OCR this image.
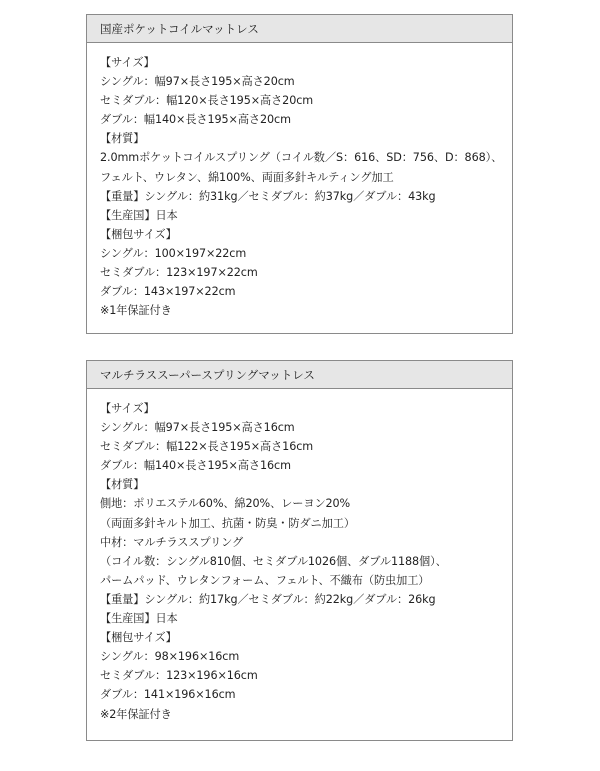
国産ポケットコイルマットレス
【サイズ】
シングル：幅97×長さ195×高さ20cm
セミダブル：幅120×長さ195×高さ20cm
ダブル：幅140×長さ195×高さ20cm
【材質】
2.0mmポケットコイルスプリング（コイル数／S：616、SD：756、D：868）、
フェルト、ウレタン、綿100%、両面多針キルティング加工
【重量】シングル：約31kg／セミダブル：約37kg／ダブル：43kg
【生産国】日本
【梱包サイズ】
シングル：100×197×22cm
セミダブル：123×197×22cm
ダブル：143×197×22cm
※1年保証付き
マルチラススーパースプリングマットレス
【サイズ】
シングル：幅97×長さ195×高さ16cm
セミダブル：幅122×長さ195×高さ16cm
ダブル：幅140×長さ195×高さ16cm
【材質】
側地：ポリエステル60%、綿20%、レーヨン20%
（両面多針キルト加工、抗菌・防臭・防ダニ加工）
中材：マルチラススプリング
（コイル数：シングル810個、セミダブル1026個、ダブル1188個）、
パームパッド、ウレタンフォーム、フェルト、不織布（防虫加工）
【重量】シングル：約17kg／セミダブル：約22kg／ダブル：26kg
【生産国】日本
【梱包サイズ】
シングル：98×196×16cm
セミダブル：123×196×16cm
ダブル：141×196×16cm
※2年保証付き
